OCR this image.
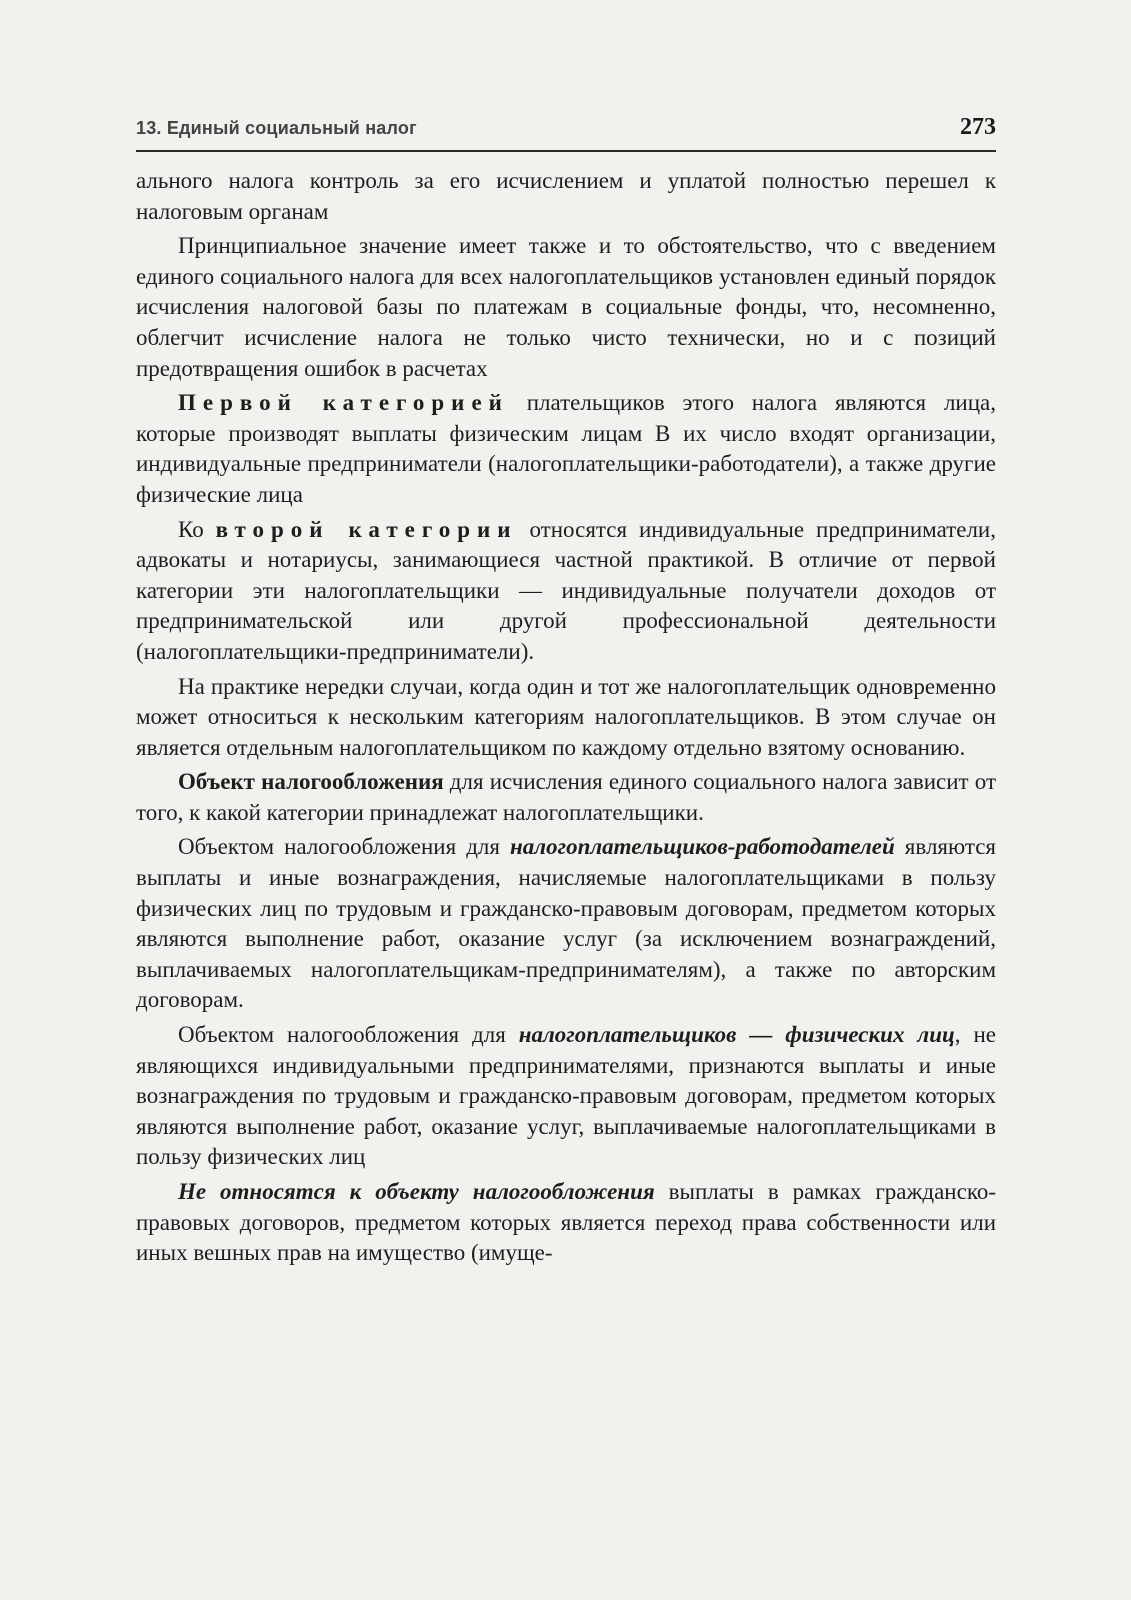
13. Единый социальный налог	273

ального налога контроль за его исчислением и уплатой полностью перешел к налоговым органам

Принципиальное значение имеет также и то обстоятельство, что с введением единого социального налога для всех налогоплательщиков установлен единый порядок исчисления налоговой базы по платежам в социальные фонды, что, несомненно, облегчит исчисление налога не только чисто технически, но и с позиций предотвращения ошибок в расчетах

Первой категорией плательщиков этого налога являются лица, которые производят выплаты физическим лицам В их число входят организации, индивидуальные предприниматели (налогоплательщики-работодатели), а также другие физические лица

Ко второй категории относятся индивидуальные предприниматели, адвокаты и нотариусы, занимающиеся частной практикой. В отличие от первой категории эти налогоплательщики — индивидуальные получатели доходов от предпринимательской или другой профессиональной деятельности (налогоплательщики-предприниматели).

На практике нередки случаи, когда один и тот же налогоплательщик одновременно может относиться к нескольким категориям налогоплательщиков. В этом случае он является отдельным налогоплательщиком по каждому отдельно взятому основанию.

Объект налогообложения для исчисления единого социального налога зависит от того, к какой категории принадлежат налогоплательщики.

Объектом налогообложения для налогоплательщиков-работодателей являются выплаты и иные вознаграждения, начисляемые налогоплательщиками в пользу физических лиц по трудовым и гражданско-правовым договорам, предметом которых являются выполнение работ, оказание услуг (за исключением вознаграждений, выплачиваемых налогоплательщикам-предпринимателям), а также по авторским договорам.

Объектом налогообложения для налогоплательщиков — физических лиц, не являющихся индивидуальными предпринимателями, признаются выплаты и иные вознаграждения по трудовым и гражданско-правовым договорам, предметом которых являются выполнение работ, оказание услуг, выплачиваемые налогоплательщиками в пользу физических лиц

Не относятся к объекту налогообложения выплаты в рамках гражданско-правовых договоров, предметом которых является переход права собственности или иных вешных прав на имущество (имуще-
